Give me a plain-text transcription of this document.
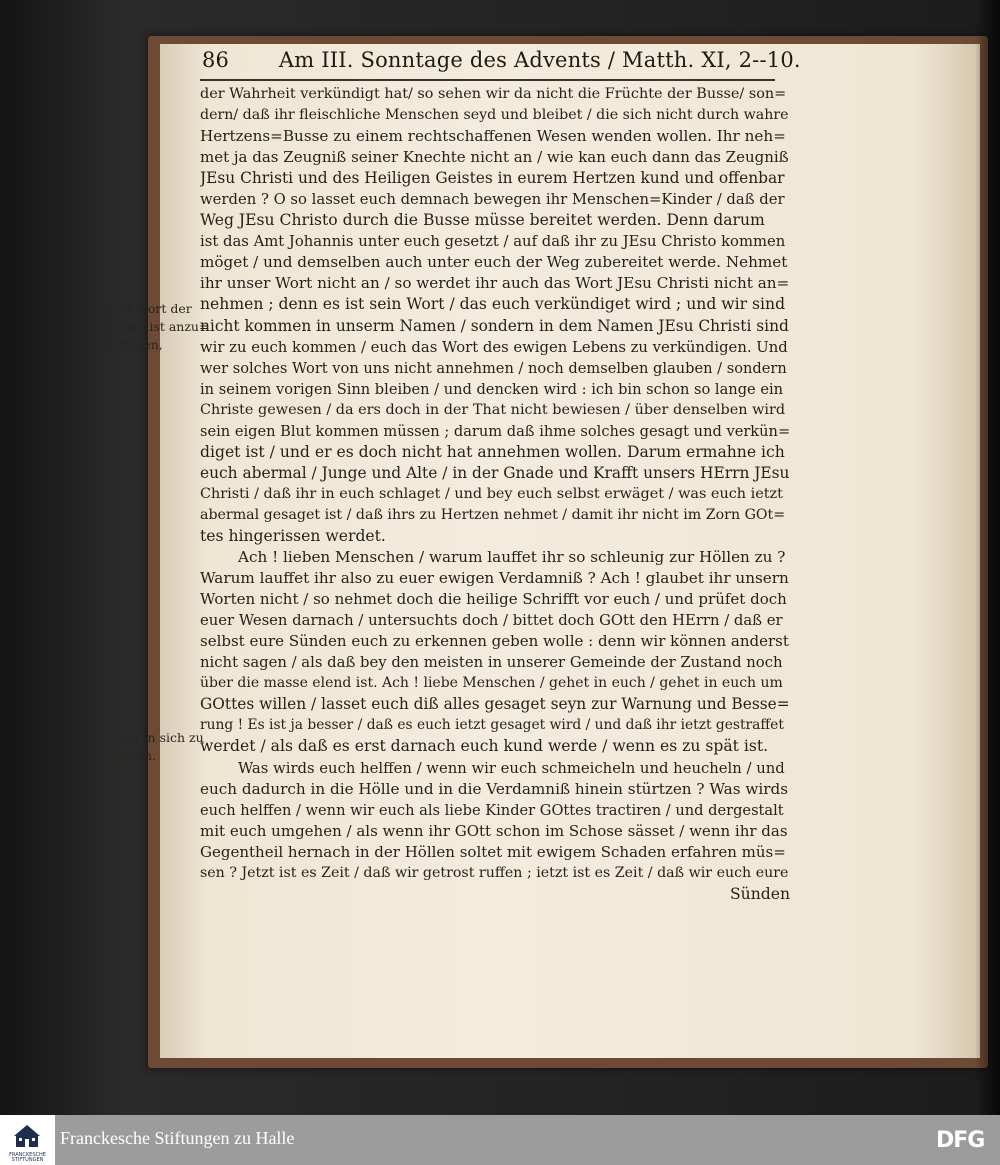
86 Am III. Sonntage des Advents / Matth. XI, 2--10.
der Wahrheit verkündigt hat/ so sehen wir da nicht die Früchte der Busse/ son=
dern/ daß ihr fleischliche Menschen seyd und bleibet / die sich nicht durch wahre
Hertzens=Busse zu einem rechtschaffenen Wesen wenden wollen. Ihr neh=
met ja das Zeugniß seiner Knechte nicht an / wie kan euch dann das Zeugniß
JEsu Christi und des Heiligen Geistes in eurem Hertzen kund und offenbar
werden ? O so lasset euch demnach bewegen ihr Menschen=Kinder / daß der
Weg JEsu Christo durch die Busse müsse bereitet werden. Denn darum
ist das Amt Johannis unter euch gesetzt / auf daß ihr zu JEsu Christo kommen
möget / und demselben auch unter euch der Weg zubereitet werde. Nehmet
ihr unser Wort nicht an / so werdet ihr auch das Wort JEsu Christi nicht an=
nehmen ; denn es ist sein Wort / das euch verkündiget wird ; und wir sind
nicht kommen in unserm Namen / sondern in dem Namen JEsu Christi sind
wir zu euch kommen / euch das Wort des ewigen Lebens zu verkündigen. Und
wer solches Wort von uns nicht annehmen / noch demselben glauben / sondern
in seinem vorigen Sinn bleiben / und dencken wird : ich bin schon so lange ein
Christe gewesen / da ers doch in der That nicht bewiesen / über denselben wird
sein eigen Blut kommen müssen ; darum daß ihme solches gesagt und verkün=
diget ist / und er es doch nicht hat annehmen wollen. Darum ermahne ich
euch abermal / Junge und Alte / in der Gnade und Krafft unsers HErrn JEsu
Christi / daß ihr in euch schlaget / und bey euch selbst erwäget / was euch ietzt
abermal gesaget ist / daß ihrs zu Hertzen nehmet / damit ihr nicht im Zorn GOt=
tes hingerissen werdet.
Ach ! lieben Menschen / warum lauffet ihr so schleunig zur Höllen zu ?
Warum lauffet ihr also zu euer ewigen Verdamniß ? Ach ! glaubet ihr unsern
Worten nicht / so nehmet doch die heilige Schrifft vor euch / und prüfet doch
euer Wesen darnach / untersuchts doch / bittet doch GOtt den HErrn / daß er
selbst eure Sünden euch zu erkennen geben wolle : denn wir können anderst
nicht sagen / als daß bey den meisten in unserer Gemeinde der Zustand noch
über die masse elend ist. Ach ! liebe Menschen / gehet in euch / gehet in euch um
GOttes willen / lasset euch diß alles gesaget seyn zur Warnung und Besse=
rung ! Es ist ja besser / daß es euch ietzt gesaget wird / und daß ihr ietzt gestraffet
werdet / als daß es erst darnach euch kund werde / wenn es zu spät ist.
Was wirds euch helffen / wenn wir euch schmeicheln und heucheln / und
euch dadurch in die Hölle und in die Verdamniß hinein stürtzen ? Was wirds
euch helffen / wenn wir euch als liebe Kinder GOttes tractiren / und dergestalt
mit euch umgehen / als wenn ihr GOtt schon im Schose sässet / wenn ihr das
Gegentheil hernach in der Höllen soltet mit ewigem Schaden erfahren müs=
sen ? Jetzt ist es Zeit / daß wir getrost ruffen ; ietzt ist es Zeit / daß wir euch eure
Sünden
Das Wort der
Busse ist anzu=
nehmen,
Und in sich zu
gehen.
FRANCKESCHE STIFTUNGEN
Franckesche Stiftungen zu Halle	DFG
